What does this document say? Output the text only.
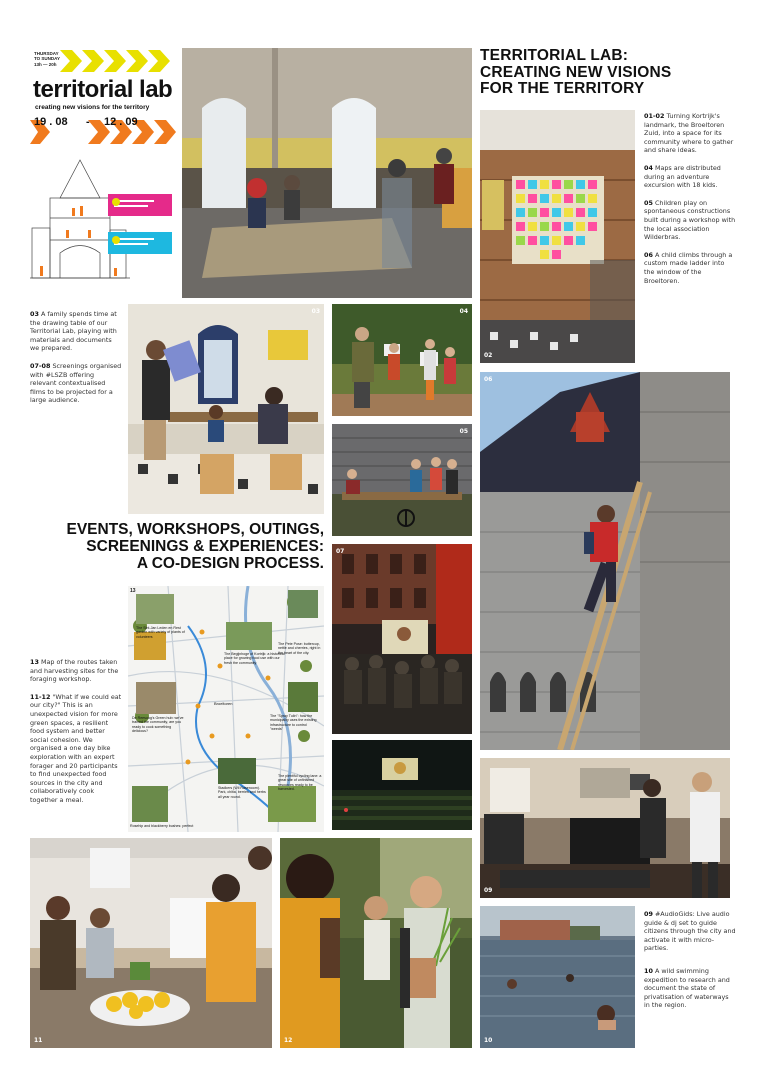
THURSDAY
TO SUNDAY
13h — 20h
territorial lab
creating new visions for the territory
19 . 08 - 12 . 09
TERRITORIAL LAB:
CREATING NEW VISIONS
FOR THE TERRITORY
02

01-02 Turning Kortrijk's landmark, the Broeltoren Zuid, into a space for its community where to gather and share ideas.

04 Maps are distributed during an adventure excursion with 18 kids.

05 Children play on spontaneous constructions built during a workshop with the local association Wilderbras.

06 A child climbs through a custom made ladder into the window of the Broeltoren.

03 A family spends time at the drawing table of our Territorial Lab, playing with materials and documents we prepared.

07-08 Screenings organised with #LSZB offering relevant contextualised films to be projected for a large audience.

03	04
05
06
EVENTS, WORKSHOPS, OUTINGS,
SCREENINGS & EXPERIENCES:
A CO-DESIGN PROCESS.
07
13
The Sint-Jan Leden en Rest garden with variety of plants of volunteers
The Begijnhoge of Kortrijk: a historical place for growing food use with our fresh the community
The Pete Pose: buttercup, nettle and cherries, right in the heart of the city.
De Reesoog's Green hub: we've trained the community, are you ready to cook something delicious?
Broeltoren
The "Spray Tulin": how the municipality uses the existing infrastructure to control "weeds"
Stadkers (Wil Rasenoom). Park, chitia, berries and herbs all year round.
The plentiful cycling lane: a great site of unfinished resources ready to be harvested.
Rosehip and blackberry bushes: perfect

13 Map of the routes taken and harvesting sites for the foraging workshop.

11-12 "What if we could eat our city?" This is an unexpected vision for more green spaces, a resilient food system and better social cohesion. We organised a one day bike exploration with an expert forager and 20 participants to find unexpected food sources in the city and collaboratively cook together a meal.

11	12
09
10

09 #AudioGids: Live audio guide & dj set to guide citizens through the city and activate it with micro-parties.

10 A wild swimming expedition to research and document the state of privatisation of waterways in the region.
